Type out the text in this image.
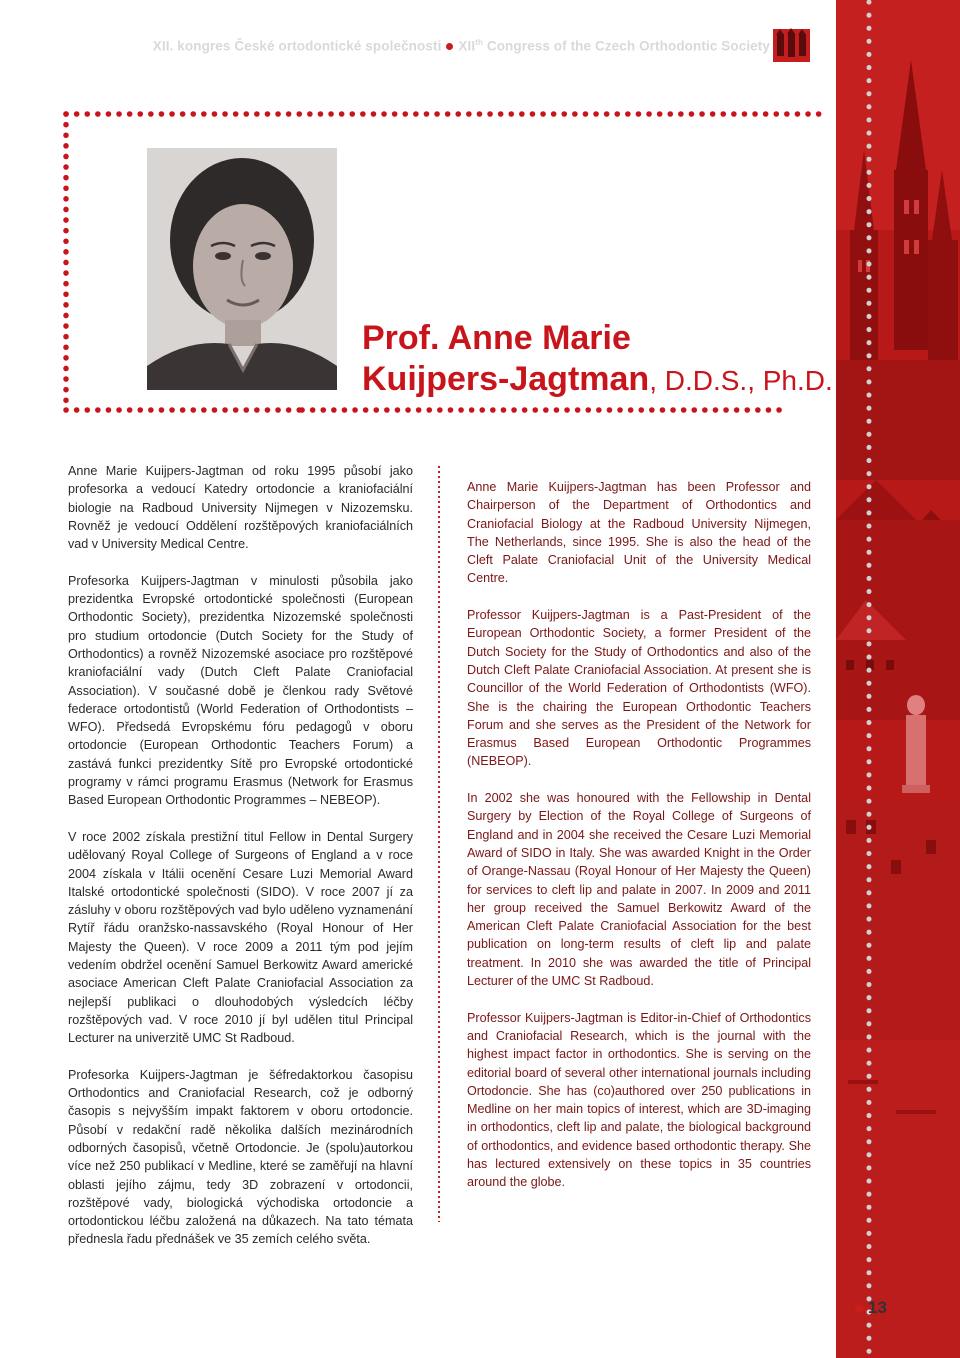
XII. kongres České ortodontické společnosti XIIth Congress of the Czech Orthodontic Society
Prof. Anne Marie
Kuijpers-Jagtman, D.D.S., Ph.D.

Anne Marie Kuijpers-Jagtman od roku 1995 působí jako profesorka a vedoucí Katedry ortodoncie a kraniofaciální biologie na Radboud University Nijmegen v Nizozemsku. Rovněž je vedoucí Oddělení rozštěpových kraniofaciálních vad v University Medical Centre.

Profesorka Kuijpers-Jagtman v minulosti působila jako prezidentka Evropské ortodontické společnosti (European Orthodontic Society), prezidentka Nizozemské společnosti pro studium ortodoncie (Dutch Society for the Study of Orthodontics) a rovněž Nizozemské asociace pro rozštěpové kraniofaciální vady (Dutch Cleft Palate Craniofacial Association). V současné době je členkou rady Světové federace ortodontistů (World Federation of Orthodontists – WFO). Předsedá Evropskému fóru pedagogů v oboru ortodoncie (European Orthodontic Teachers Forum) a zastává funkci prezidentky Sítě pro Evropské ortodontické programy v rámci programu Erasmus (Network for Erasmus Based European Orthodontic Programmes – NEBEOP).

V roce 2002 získala prestižní titul Fellow in Dental Surgery udělovaný Royal College of Surgeons of England a v roce 2004 získala v Itálii ocenění Cesare Luzi Memorial Award Italské ortodontické společnosti (SIDO). V roce 2007 jí za zásluhy v oboru rozštěpových vad bylo uděleno vyznamenání Rytíř řádu oranžsko-nassavského (Royal Honour of Her Majesty the Queen). V roce 2009 a 2011 tým pod jejím vedením obdržel ocenění Samuel Berkowitz Award americké asociace American Cleft Palate Craniofacial Association za nejlepší publikaci o dlouhodobých výsledcích léčby rozštěpových vad. V roce 2010 jí byl udělen titul Principal Lecturer na univerzitě UMC St Radboud.

Profesorka Kuijpers-Jagtman je šéfredaktorkou časopisu Orthodontics and Craniofacial Research, což je odborný časopis s nejvyšším impakt faktorem v oboru ortodoncie. Působí v redakční radě několika dalších mezinárodních odborných časopisů, včetně Ortodoncie. Je (spolu)autorkou více než 250 publikací v Medline, které se zaměřují na hlavní oblasti jejího zájmu, tedy 3D zobrazení v ortodoncii, rozštěpové vady, biologická východiska ortodoncie a ortodontickou léčbu založená na důkazech. Na tato témata přednesla řadu přednášek ve 35 zemích celého světa.

Anne Marie Kuijpers-Jagtman has been Professor and Chairperson of the Department of Orthodontics and Craniofacial Biology at the Radboud University Nijmegen, The Netherlands, since 1995. She is also the head of the Cleft Palate Craniofacial Unit of the University Medical Centre.

Professor Kuijpers-Jagtman is a Past-President of the European Orthodontic Society, a former President of the Dutch Society for the Study of Orthodontics and also of the Dutch Cleft Palate Craniofacial Association. At present she is Councillor of the World Federation of Orthodontists (WFO). She is the chairing the European Orthodontic Teachers Forum and she serves as the President of the Network for Erasmus Based European Orthodontic Programmes (NEBEOP).

In 2002 she was honoured with the Fellowship in Dental Surgery by Election of the Royal College of Surgeons of England and in 2004 she received the Cesare Luzi Memorial Award of SIDO in Italy. She was awarded Knight in the Order of Orange-Nassau (Royal Honour of Her Majesty the Queen) for services to cleft lip and palate in 2007. In 2009 and 2011 her group received the Samuel Berkowitz Award of the American Cleft Palate Craniofacial Association for the best publication on long-term results of cleft lip and palate treatment. In 2010 she was awarded the title of Principal Lecturer of the UMC St Radboud.

Professor Kuijpers-Jagtman is Editor-in-Chief of Orthodontics and Craniofacial Research, which is the journal with the highest impact factor in orthodontics. She is serving on the editorial board of several other international journals including Ortodoncie. She has (co)authored over 250 publications in Medline on her main topics of interest, which are 3D-imaging in orthodontics, cleft lip and palate, the biological background of orthodontics, and evidence based orthodontic therapy. She has lectured extensively on these topics in 35 countries around the globe.

13
